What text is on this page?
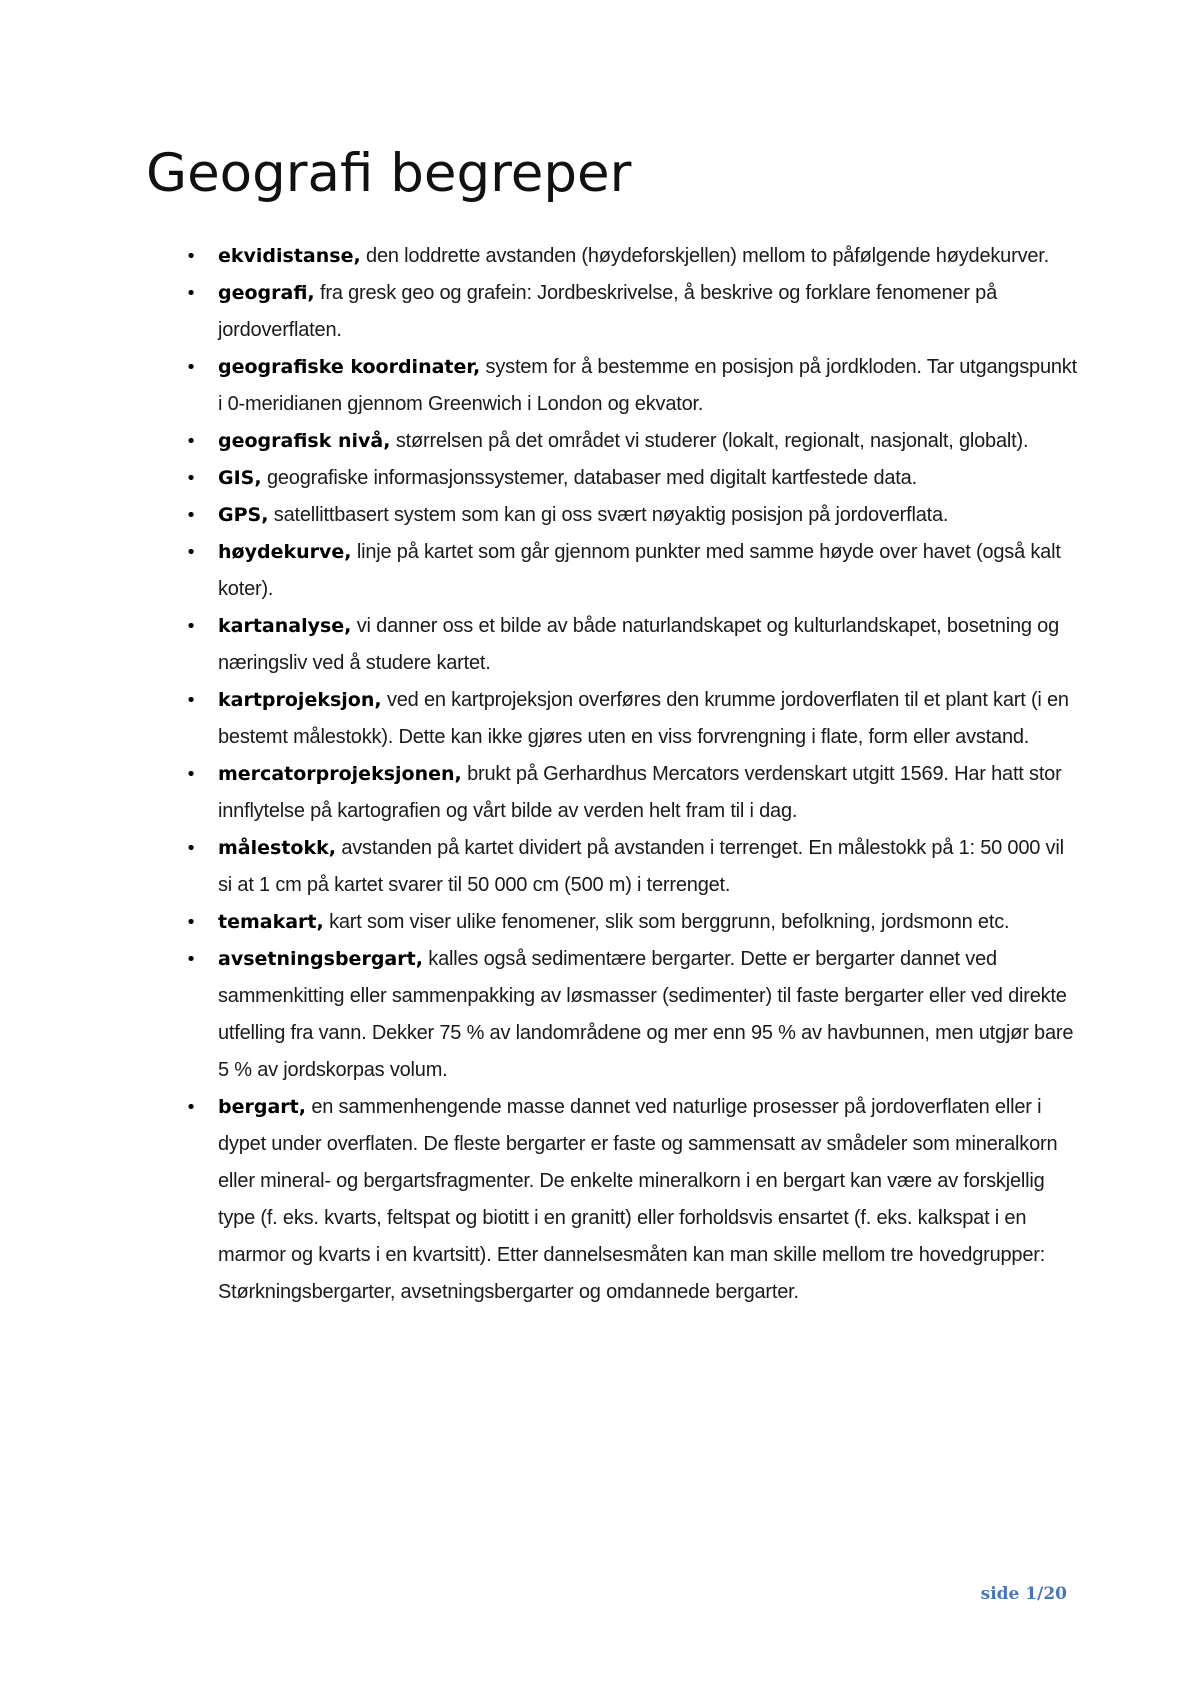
Geografi begreper
• ekvidistanse, den loddrette avstanden (høydeforskjellen) mellom to påfølgende høydekurver.
• geografi, fra gresk geo og grafein: Jordbeskrivelse, å beskrive og forklare fenomener på jordoverflaten.
• geografiske koordinater, system for å bestemme en posisjon på jordkloden. Tar utgangspunkt i 0-meridianen gjennom Greenwich i London og ekvator.
• geografisk nivå, størrelsen på det området vi studerer (lokalt, regionalt, nasjonalt, globalt).
• GIS, geografiske informasjonssystemer, databaser med digitalt kartfestede data.
• GPS, satellittbasert system som kan gi oss svært nøyaktig posisjon på jordoverflata.
• høydekurve, linje på kartet som går gjennom punkter med samme høyde over havet (også kalt koter).
• kartanalyse, vi danner oss et bilde av både naturlandskapet og kulturlandskapet, bosetning og næringsliv ved å studere kartet.
• kartprojeksjon, ved en kartprojeksjon overføres den krumme jordoverflaten til et plant kart (i en bestemt målestokk). Dette kan ikke gjøres uten en viss forvrengning i flate, form eller avstand.
• mercatorprojeksjonen, brukt på Gerhardhus Mercators verdenskart utgitt 1569. Har hatt stor innflytelse på kartografien og vårt bilde av verden helt fram til i dag.
• målestokk, avstanden på kartet dividert på avstanden i terrenget. En målestokk på 1: 50 000 vil si at 1 cm på kartet svarer til 50 000 cm (500 m) i terrenget.
• temakart, kart som viser ulike fenomener, slik som berggrunn, befolkning, jordsmonn etc.
• avsetningsbergart, kalles også sedimentære bergarter. Dette er bergarter dannet ved sammenkitting eller sammenpakking av løsmasser (sedimenter) til faste bergarter eller ved direkte utfelling fra vann. Dekker 75 % av landområdene og mer enn 95 % av havbunnen, men utgjør bare 5 % av jordskorpas volum.
• bergart, en sammenhengende masse dannet ved naturlige prosesser på jordoverflaten eller i dypet under overflaten. De fleste bergarter er faste og sammensatt av smådeler som mineralkorn eller mineral- og bergartsfragmenter. De enkelte mineralkorn i en bergart kan være av forskjellig type (f. eks. kvarts, feltspat og biotitt i en granitt) eller forholdsvis ensartet (f. eks. kalkspat i en marmor og kvarts i en kvartsitt). Etter dannelsesmåten kan man skille mellom tre hovedgrupper: Størkningsbergarter, avsetningsbergarter og omdannede bergarter.
side 1/20
